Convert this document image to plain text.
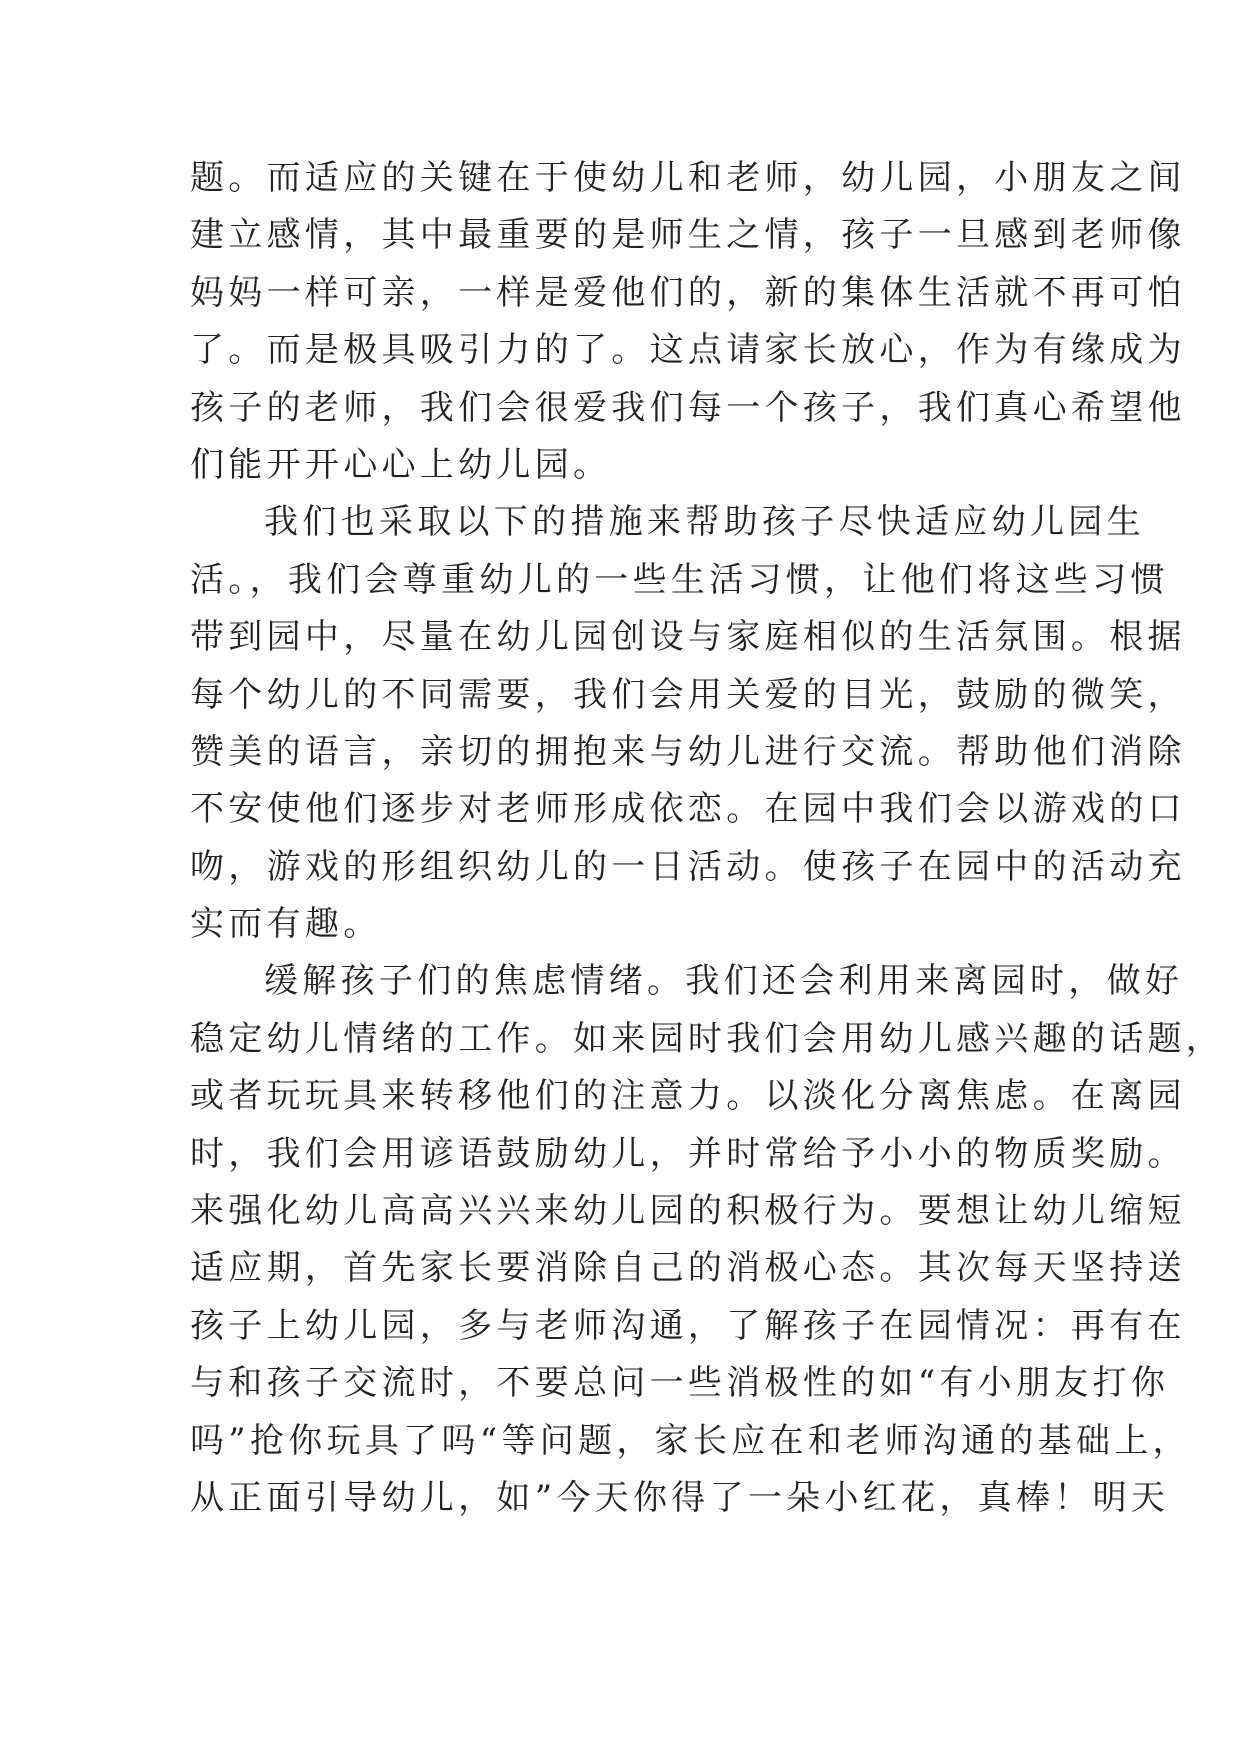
题。而适应的关键在于使幼儿和老师，幼儿园，小朋友之间
建立感情，其中最重要的是师生之情，孩子一旦感到老师像
妈妈一样可亲，一样是爱他们的，新的集体生活就不再可怕
了。而是极具吸引力的了。这点请家长放心，作为有缘成为
孩子的老师，我们会很爱我们每一个孩子，我们真心希望他
们能开开心心上幼儿园。
我们也采取以下的措施来帮助孩子尽快适应幼儿园生
活。，我们会尊重幼儿的一些生活习惯，让他们将这些习惯
带到园中，尽量在幼儿园创设与家庭相似的生活氛围。根据
每个幼儿的不同需要，我们会用关爱的目光，鼓励的微笑，
赞美的语言，亲切的拥抱来与幼儿进行交流。帮助他们消除
不安使他们逐步对老师形成依恋。在园中我们会以游戏的口
吻，游戏的形组织幼儿的一日活动。使孩子在园中的活动充
实而有趣。
缓解孩子们的焦虑情绪。我们还会利用来离园时，做好
稳定幼儿情绪的工作。如来园时我们会用幼儿感兴趣的话题，
或者玩玩具来转移他们的注意力。以淡化分离焦虑。在离园
时，我们会用谚语鼓励幼儿，并时常给予小小的物质奖励。
来强化幼儿高高兴兴来幼儿园的积极行为。要想让幼儿缩短
适应期，首先家长要消除自己的消极心态。其次每天坚持送
孩子上幼儿园，多与老师沟通，了解孩子在园情况：再有在
与和孩子交流时，不要总问一些消极性的如“有小朋友打你
吗”抢你玩具了吗“等问题，家长应在和老师沟通的基础上，
从正面引导幼儿，如”今天你得了一朵小红花，真棒！明天
